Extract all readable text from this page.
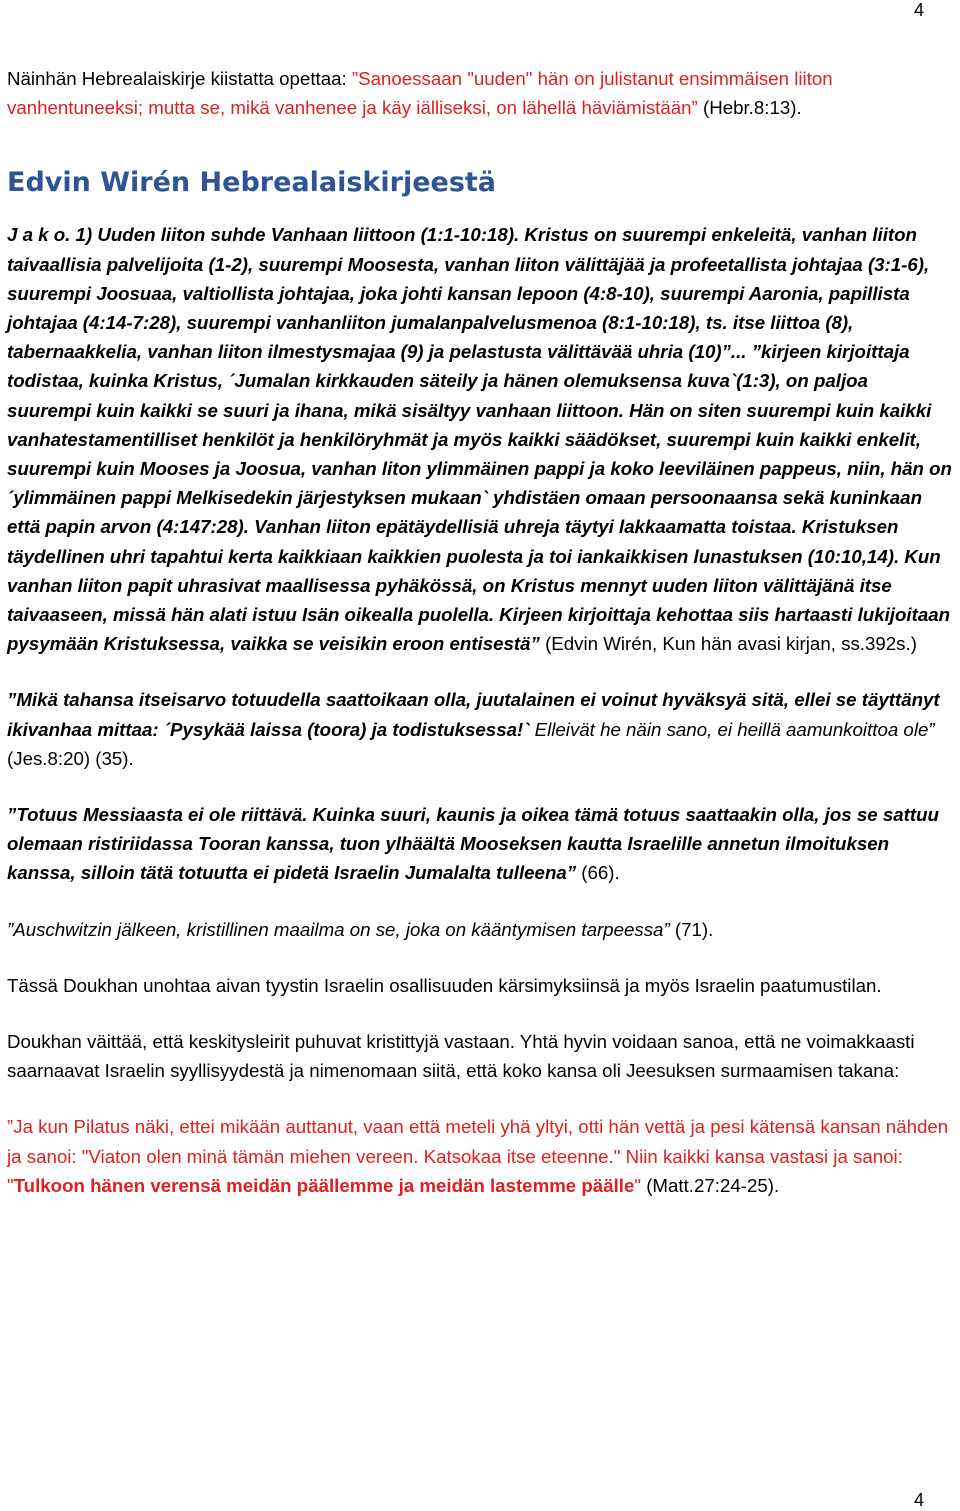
4

Näinhän Hebrealaiskirje kiistatta opettaa: ”Sanoessaan "uuden" hän on julistanut ensimmäisen liiton vanhentuneeksi; mutta se, mikä vanhenee ja käy iälliseksi, on lähellä häviämistään” (Hebr.8:13).

Edvin Wirén Hebrealaiskirjeestä

J a k o. 1) Uuden liiton suhde Vanhaan liittoon (1:1-10:18). Kristus on suurempi enkeleitä, vanhan liiton taivaallisia palvelijoita (1-2), suurempi Moosesta, vanhan liiton välittäjää ja profeetallista johtajaa (3:1-6), suurempi Joosuaa, valtiollista johtajaa, joka johti kansan lepoon (4:8-10), suurempi Aaronia, papillista johtajaa (4:14-7:28), suurempi vanhanliiton jumalanpalvelusmenoa (8:1-10:18), ts. itse liittoa (8), tabernaakkelia, vanhan liiton ilmestysmajaa (9) ja pelastusta välittävää uhria (10)”... ”kirjeen kirjoittaja todistaa, kuinka Kristus, ´Jumalan kirkkauden säteily ja hänen olemuksensa kuva`(1:3), on paljoa suurempi kuin kaikki se suuri ja ihana, mikä sisältyy vanhaan liittoon. Hän on siten suurempi kuin kaikki vanhatestamentilliset henkilöt ja henkilöryhmät ja myös kaikki säädökset, suurempi kuin kaikki enkelit, suurempi kuin Mooses ja Joosua, vanhan liton ylimmäinen pappi ja koko leeviläinen pappeus, niin, hän on ´ylimmäinen pappi Melkisedekin järjestyksen mukaan` yhdistäen omaan persoonaansa sekä kuninkaan että papin arvon (4:147:28). Vanhan liiton epätäydellisiä uhreja täytyi lakkaamatta toistaa. Kristuksen täydellinen uhri tapahtui kerta kaikkiaan kaikkien puolesta ja toi iankaikkisen lunastuksen (10:10,14). Kun vanhan liiton papit uhrasivat maallisessa pyhäkössä, on Kristus mennyt uuden liiton välittäjänä itse taivaaseen, missä hän alati istuu Isän oikealla puolella. Kirjeen kirjoittaja kehottaa siis hartaasti lukijoitaan pysymään Kristuksessa, vaikka se veisikin eroon entisestä” (Edvin Wirén, Kun hän avasi kirjan, ss.392s.)

”Mikä tahansa itseisarvo totuudella saattoikaan olla, juutalainen ei voinut hyväksyä sitä, ellei se täyttänyt ikivanhaa mittaa: ´Pysykää laissa (toora) ja todistuksessa!` Elleivät he näin sano, ei heillä aamunkoittoa ole” (Jes.8:20) (35).

”Totuus Messiaasta ei ole riittävä. Kuinka suuri, kaunis ja oikea tämä totuus saattaakin olla, jos se sattuu olemaan ristiriidassa Tooran kanssa, tuon ylhäältä Mooseksen kautta Israelille annetun ilmoituksen kanssa, silloin tätä totuutta ei pidetä Israelin Jumalalta tulleena” (66).

”Auschwitzin jälkeen, kristillinen maailma on se, joka on kääntymisen tarpeessa” (71).

Tässä Doukhan unohtaa aivan tyystin Israelin osallisuuden kärsimyksiinsä ja myös Israelin paatumustilan.

Doukhan väittää, että keskitysleirit puhuvat kristittyjä vastaan. Yhtä hyvin voidaan sanoa, että ne voimakkaasti saarnaavat Israelin syyllisyydestä ja nimenomaan siitä, että koko kansa oli Jeesuksen surmaamisen takana:

”Ja kun Pilatus näki, ettei mikään auttanut, vaan että meteli yhä yltyi, otti hän vettä ja pesi kätensä kansan nähden ja sanoi: "Viaton olen minä tämän miehen vereen. Katsokaa itse eteenne." Niin kaikki kansa vastasi ja sanoi: "Tulkoon hänen verensä meidän päällemme ja meidän lastemme päälle" (Matt.27:24-25).

4
